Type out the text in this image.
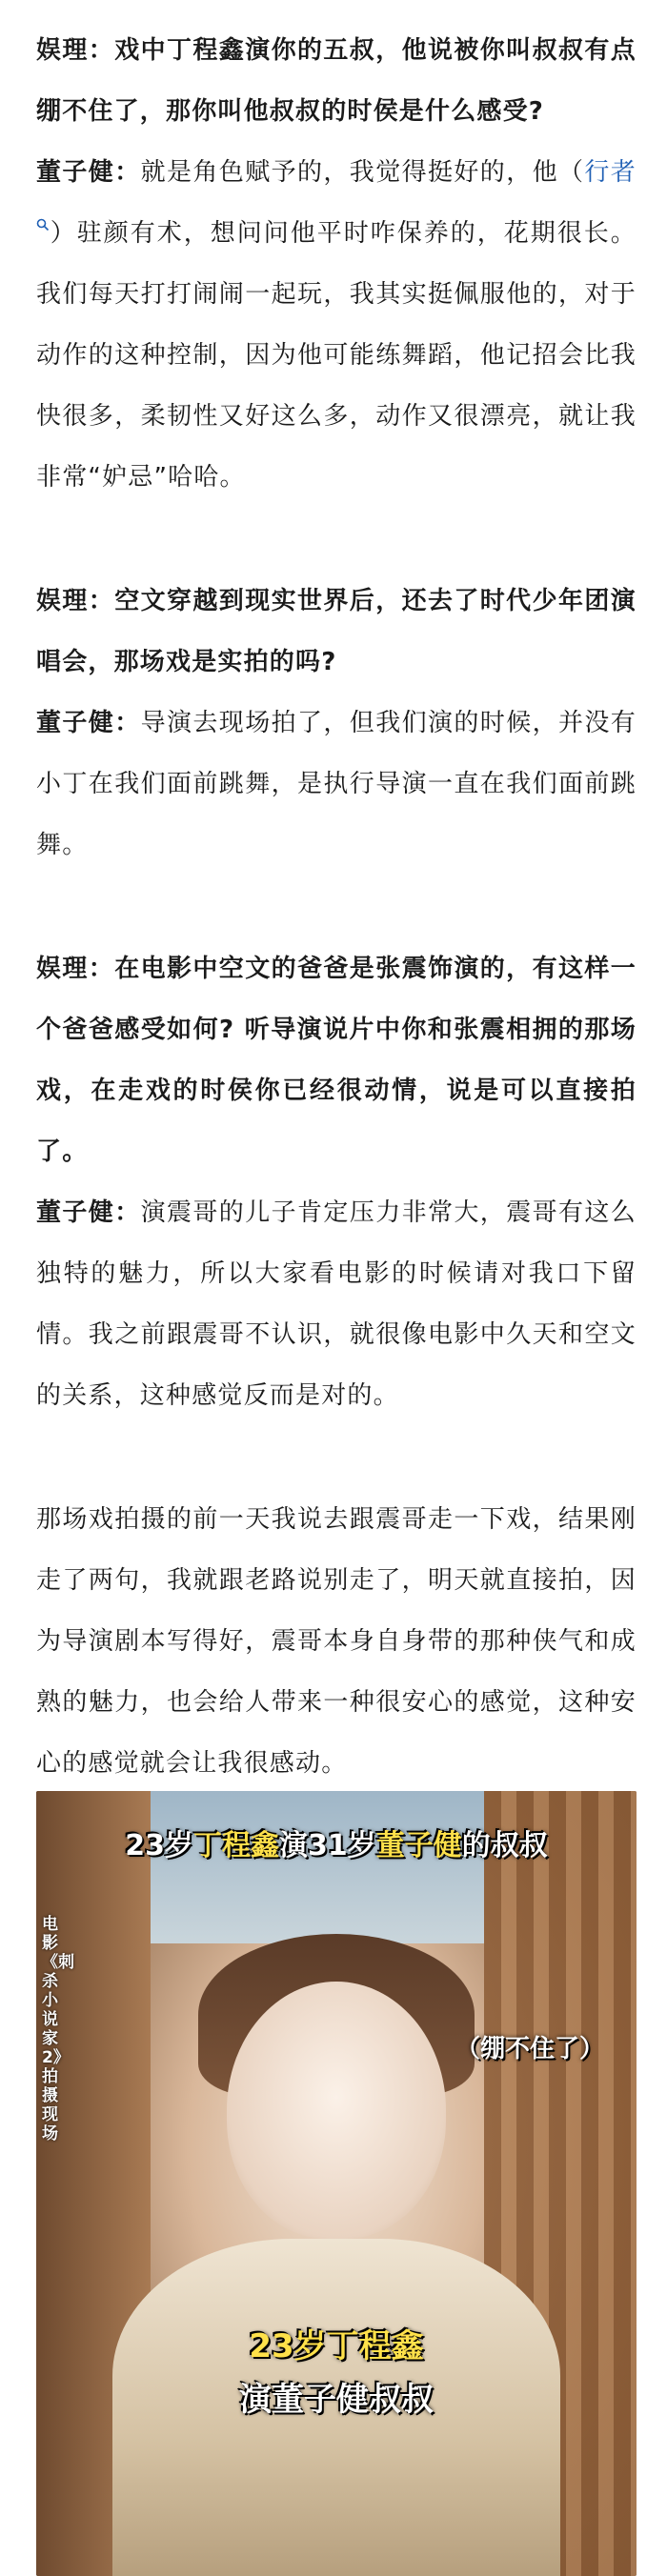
娱理：戏中丁程鑫演你的五叔，他说被你叫叔叔有点绷不住了，那你叫他叔叔的时侯是什么感受?

董子健：就是角色赋予的，我觉得挺好的，他（行者）驻颜有术，想问问他平时咋保养的，花期很长。我们每天打打闹闹一起玩，我其实挺佩服他的，对于动作的这种控制，因为他可能练舞蹈，他记招会比我快很多，柔韧性又好这么多，动作又很漂亮，就让我非常“妒忌”哈哈。

娱理：空文穿越到现实世界后，还去了时代少年团演唱会，那场戏是实拍的吗?

董子健：导演去现场拍了，但我们演的时候，并没有小丁在我们面前跳舞，是执行导演一直在我们面前跳舞。

娱理：在电影中空文的爸爸是张震饰演的，有这样一个爸爸感受如何? 听导演说片中你和张震相拥的那场戏，在走戏的时侯你已经很动情，说是可以直接拍了。

董子健：演震哥的儿子肯定压力非常大，震哥有这么独特的魅力，所以大家看电影的时候请对我口下留情。我之前跟震哥不认识，就很像电影中久天和空文的关系，这种感觉反而是对的。

那场戏拍摄的前一天我说去跟震哥走一下戏，结果刚走了两句，我就跟老路说别走了，明天就直接拍，因为导演剧本写得好，震哥本身自身带的那种侠气和成熟的魅力，也会给人带来一种很安心的感觉，这种安心的感觉就会让我很感动。

23岁丁程鑫演31岁董子健的叔叔
电影《刺杀小说家2》拍摄现场
（绷不住了）
23岁丁程鑫
演董子健叔叔
